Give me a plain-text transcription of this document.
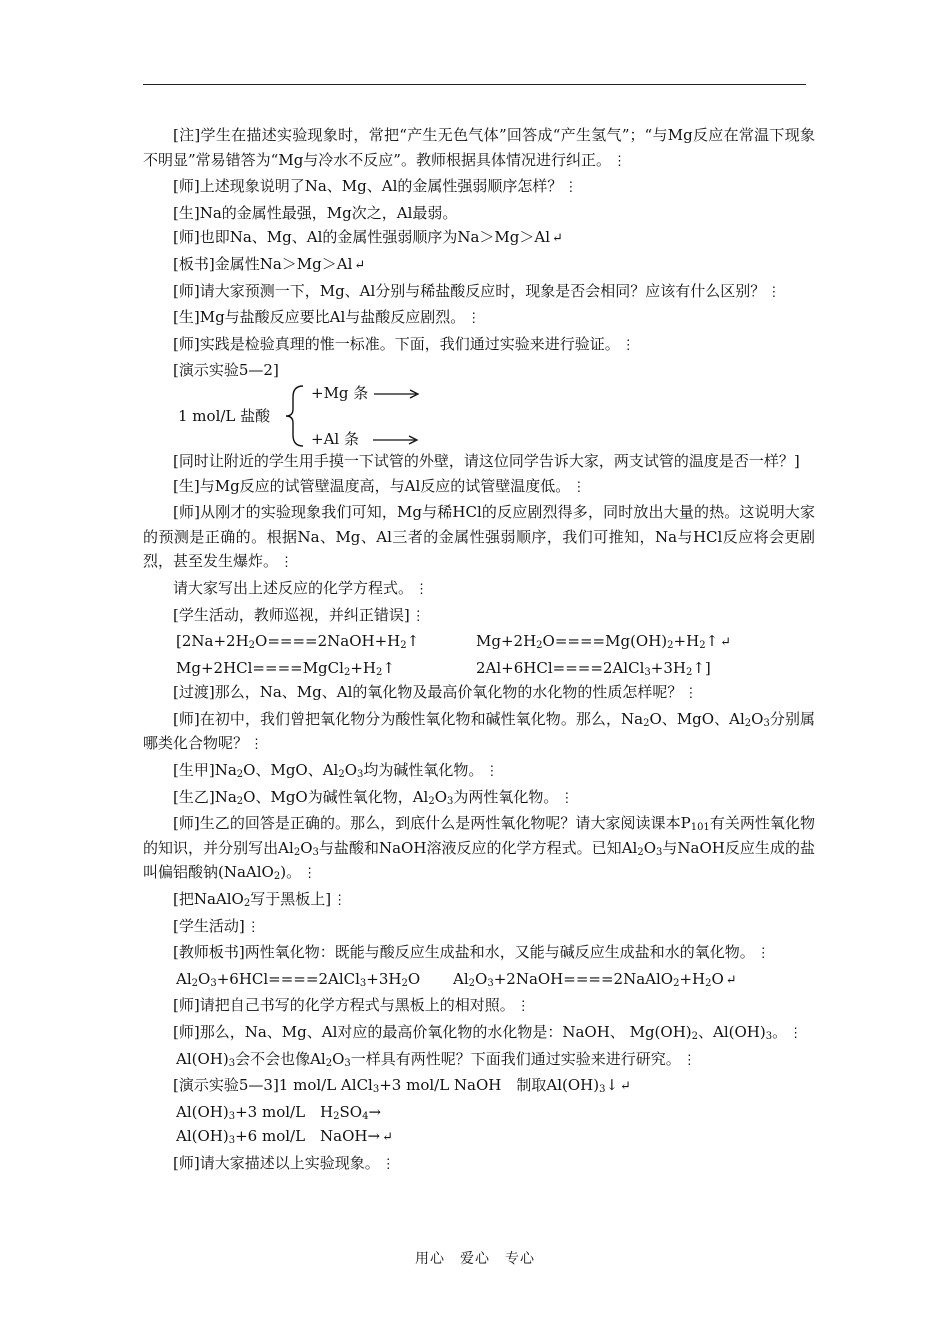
[注]学生在描述实验现象时，常把“产生无色气体”回答成“产生氢气”；“与Mg反应在常温下现象不明显”常易错答为“Mg与冷水不反应”。教师根据具体情况进行纠正。 ⋮

[师]上述现象说明了Na、Mg、Al的金属性强弱顺序怎样？ ⋮

[生]Na的金属性最强，Mg次之，Al最弱。

[师]也即Na、Mg、Al的金属性强弱顺序为Na＞Mg＞Al ↵

[板书]金属性Na＞Mg＞Al ↵

[师]请大家预测一下，Mg、Al分别与稀盐酸反应时，现象是否会相同？应该有什么区别？ ⋮

[生]Mg与盐酸反应要比Al与盐酸反应剧烈。 ⋮

[师]实践是检验真理的惟一标准。下面，我们通过实验来进行验证。 ⋮

[演示实验5—2]

1 mol/L 盐酸
+Mg 条
+Al 条

[同时让附近的学生用手摸一下试管的外壁，请这位同学告诉大家，两支试管的温度是否一样？]

[生]与Mg反应的试管壁温度高，与Al反应的试管壁温度低。 ⋮

[师]从刚才的实验现象我们可知，Mg与稀HCl的反应剧烈得多，同时放出大量的热。这说明大家的预测是正确的。根据Na、Mg、Al三者的金属性强弱顺序，我们可推知，Na与HCl反应将会更剧烈，甚至发生爆炸。 ⋮

请大家写出上述反应的化学方程式。 ⋮

[学生活动，教师巡视，并纠正错误] ⋮

[$2Na+2H_2O====2NaOH+H_2↑$	$Mg+2H_2O====Mg(OH)_2+H_2↑$ ↵
$Mg+2HCl====MgCl_2+H_2↑$	$2Al+6HCl====2AlCl_3+3H_2↑$]

[过渡]那么，Na、Mg、Al的氧化物及最高价氧化物的水化物的性质怎样呢？ ⋮

[师]在初中，我们曾把氧化物分为酸性氧化物和碱性氧化物。那么，$Na_2O$、MgO、$Al_2O_3$分别属哪类化合物呢？ ⋮

[生甲]$Na_2O$、MgO、$Al_2O_3$均为碱性氧化物。 ⋮

[生乙]$Na_2O$、MgO为碱性氧化物，$Al_2O_3$为两性氧化物。 ⋮

[师]生乙的回答是正确的。那么，到底什么是两性氧化物呢？请大家阅读课本$P_{101}$有关两性氧化物的知识，并分别写出$Al_2O_3$与盐酸和NaOH溶液反应的化学方程式。已知$Al_2O_3$与NaOH反应生成的盐叫偏铝酸钠(NaAlO$_2$)。 ⋮

[把NaAlO$_2$写于黑板上] ⋮

[学生活动] ⋮

[教师板书]两性氧化物：既能与酸反应生成盐和水，又能与碱反应生成盐和水的氧化物。 ⋮

$Al_2O_3+6HCl====2AlCl_3+3H_2O$	$Al_2O_3+2NaOH====2NaAlO_2+H_2O$ ↵

[师]请把自己书写的化学方程式与黑板上的相对照。 ⋮

[师]那么，Na、Mg、Al对应的最高价氧化物的水化物是：NaOH、 $Mg(OH)_2$、$Al(OH)_3$。 ⋮

$Al(OH)_3$会不会也像$Al_2O_3$一样具有两性呢？下面我们通过实验来进行研究。 ⋮

[演示实验5—3]1 mol/L AlCl$_3$+3 mol/L NaOH　制取$Al(OH)_3↓$ ↵

$Al(OH)_3+3$ mol/L　$H_2SO_4\to$

$Al(OH)_3+6$ mol/L　NaOH→ ↵

[师]请大家描述以上实验现象。 ⋮

用心　爱心　专心
